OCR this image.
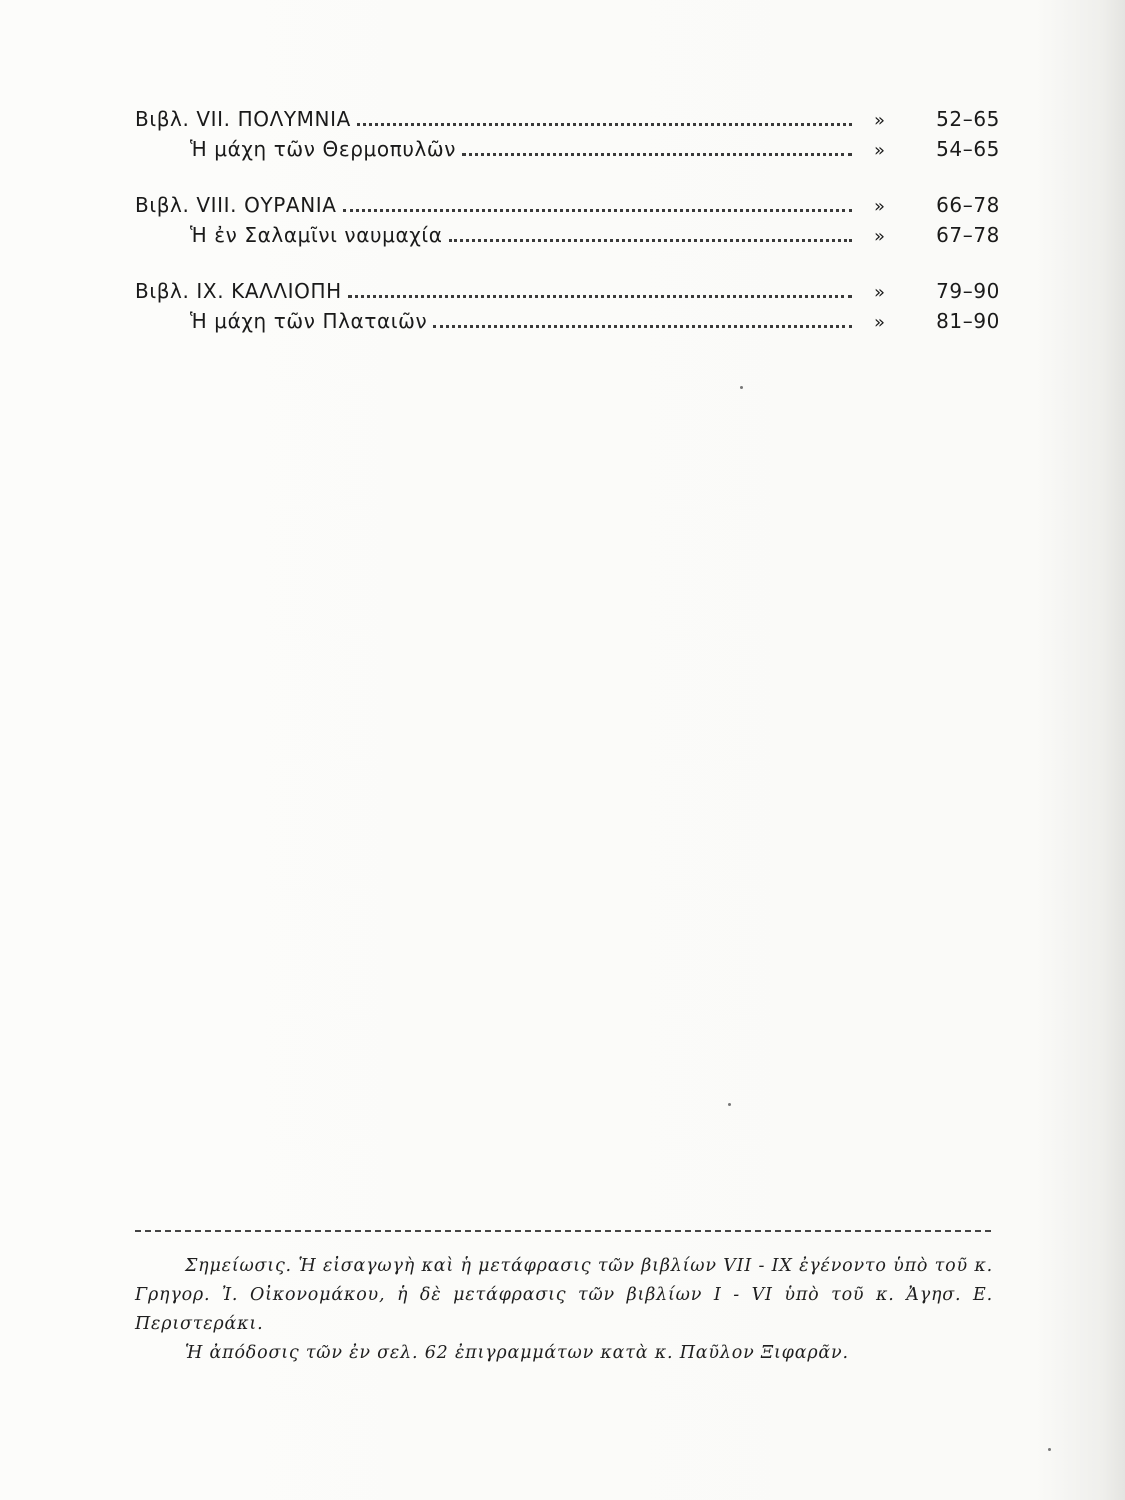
Βιβλ. VII. ΠΟΛΥΜΝΙΑ	»	52–65
Ἡ μάχη τῶν Θερμοπυλῶν	»	54–65
Βιβλ. VIII. ΟΥΡΑΝΙΑ	»	66–78
Ἡ ἐν Σαλαμῖνι ναυμαχία	»	67–78
Βιβλ. IX. ΚΑΛΛΙΟΠΗ	»	79–90
Ἡ μάχη τῶν Πλαταιῶν	»	81–90

Σημείωσις. Ἡ εἰσαγωγὴ καὶ ἡ μετάφρασις τῶν βιβλίων VII - IX ἐγένοντο ὑπὸ τοῦ κ. Γρηγορ. Ἰ. Οἰκονομάκου, ἡ δὲ μετάφρασις τῶν βιβλίων I - VI ὑπὸ τοῦ κ. Ἀγησ. Ε. Περιστεράκι.

Ἡ ἀπόδοσις τῶν ἐν σελ. 62 ἐπιγραμμάτων κατὰ κ. Παῦλον Ξιφαρᾶν.
